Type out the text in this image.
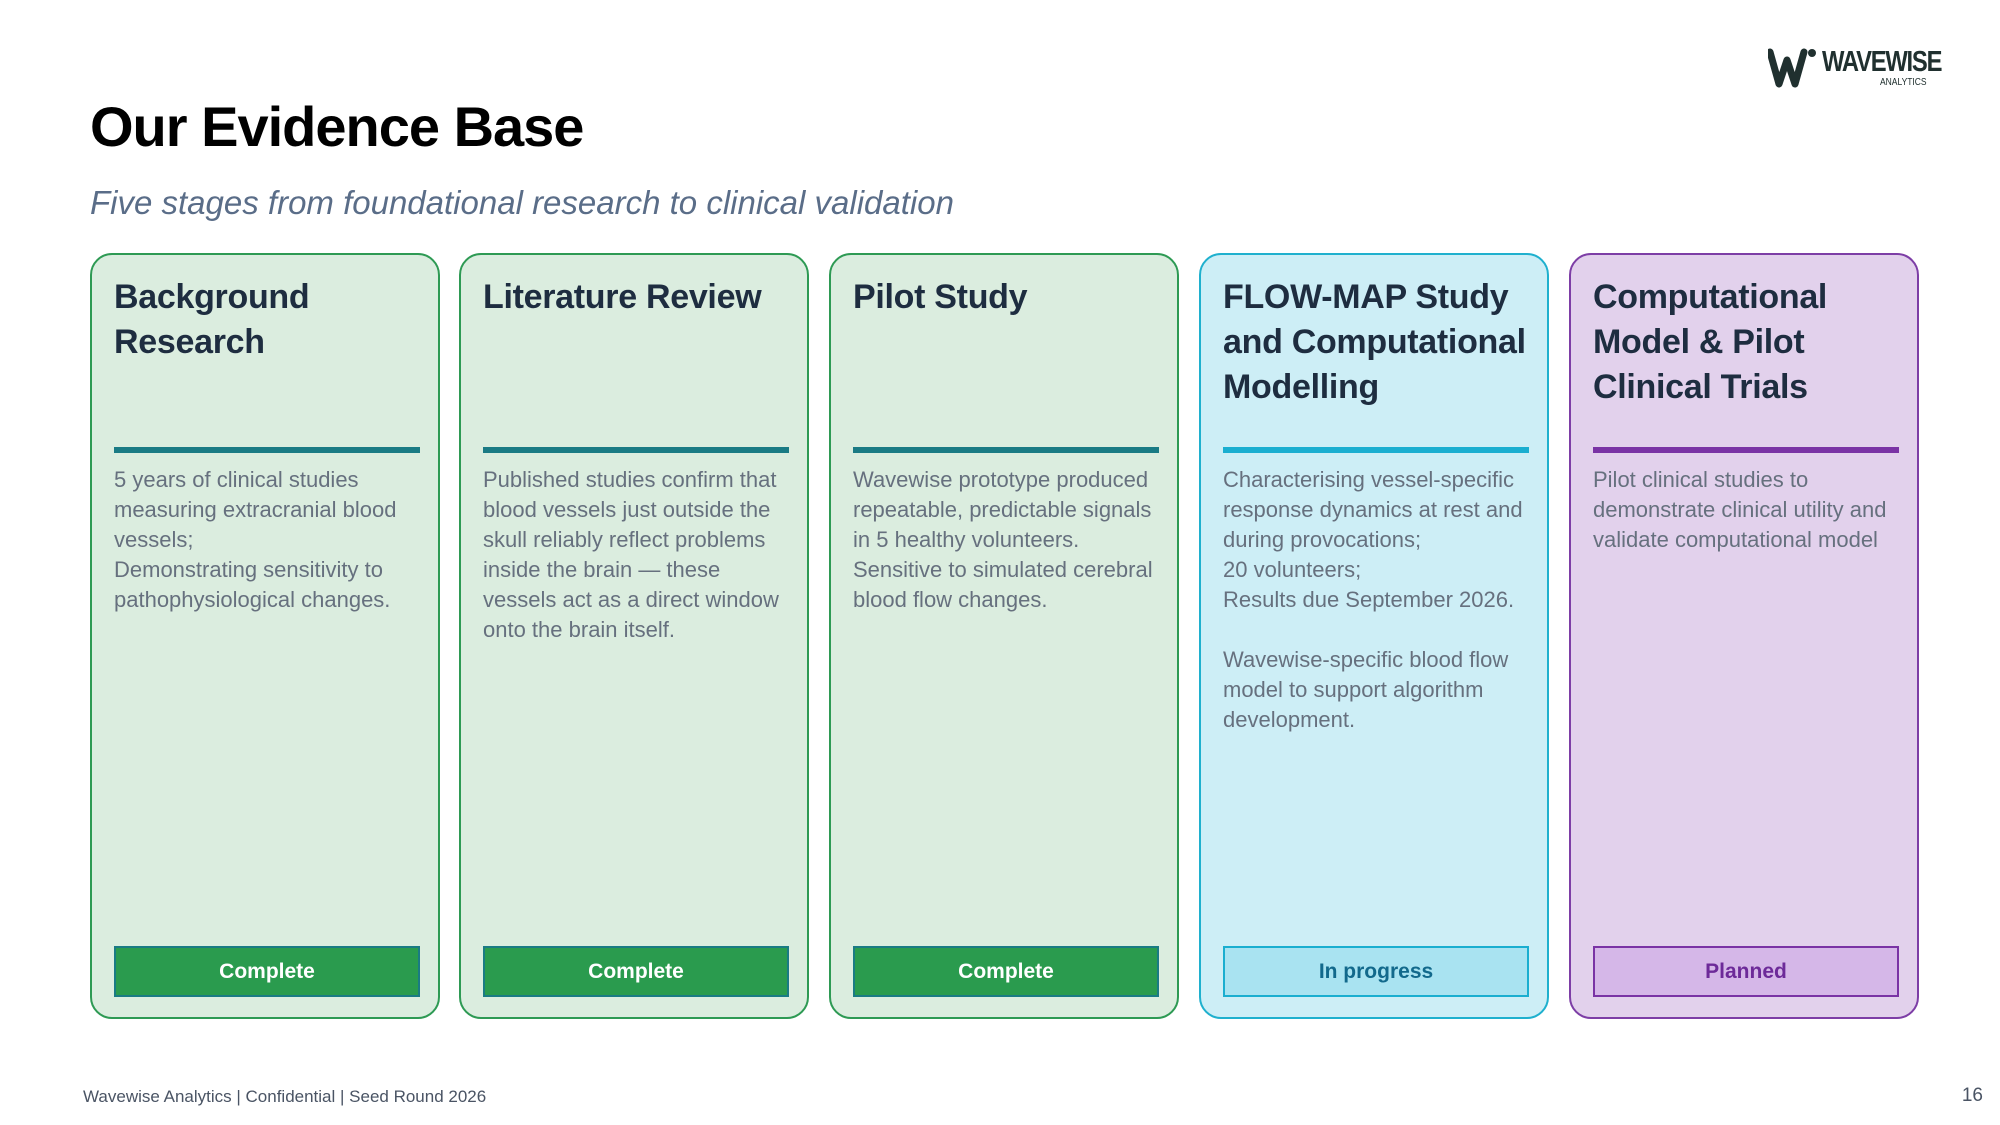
WAVEWISE
ANALYTICS
Our Evidence Base

Five stages from foundational research to clinical validation

Background Research

5 years of clinical studies measuring extracranial blood vessels;
Demonstrating sensitivity to pathophysiological changes.

Complete
Literature Review

Published studies confirm that blood vessels just outside the skull reliably reflect problems inside the brain — these vessels act as a direct window onto the brain itself.

Complete
Pilot Study

Wavewise prototype produced repeatable, predictable signals in 5 healthy volunteers.
Sensitive to simulated cerebral blood flow changes.

Complete
FLOW-MAP Study and Computational Modelling

Characterising vessel-specific response dynamics at rest and during provocations;
20 volunteers;
Results due September 2026.

Wavewise-specific blood flow model to support algorithm development.

In progress
Computational Model & Pilot Clinical Trials

Pilot clinical studies to demonstrate clinical utility and validate computational model

Planned
Wavewise Analytics | Confidential | Seed Round 2026	16
